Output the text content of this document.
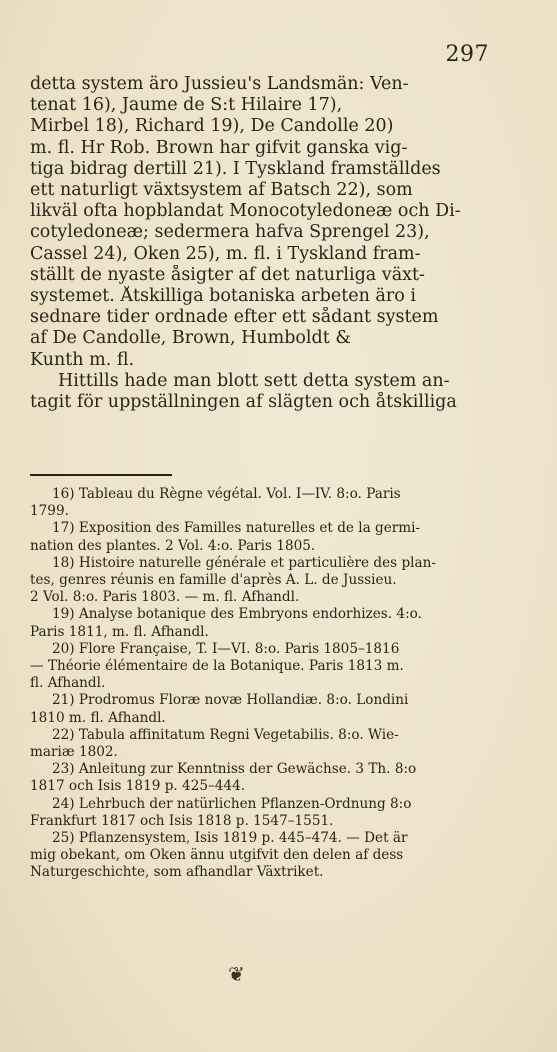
297
detta system äro Jussieu's Landsmän: Ven-
tenat 16), Jaume de S:t Hilaire 17),
Mirbel 18), Richard 19), De Candolle 20)
m. fl. Hr Rob. Brown har gifvit ganska vig-
tiga bidrag dertill 21). I Tyskland framställdes
ett naturligt växtsystem af Batsch 22), som
likväl ofta hopblandat Monocotyledoneæ och Di-
cotyledoneæ; sedermera hafva Sprengel 23),
Cassel 24), Oken 25), m. fl. i Tyskland fram-
ställt de nyaste åsigter af det naturliga växt-
systemet. Åtskilliga botaniska arbeten äro i
sednare tider ordnade efter ett sådant system
af De Candolle, Brown, Humboldt &
Kunth m. fl.
Hittills hade man blott sett detta system an-
tagit för uppställningen af slägten och åtskilliga
16) Tableau du Règne végétal. Vol. I—IV. 8:o. Paris
1799.
17) Exposition des Familles naturelles et de la germi-
nation des plantes. 2 Vol. 4:o. Paris 1805.
18) Histoire naturelle générale et particulière des plan-
tes, genres réunis en famille d'après A. L. de Jussieu.
2 Vol. 8:o. Paris 1803. — m. fl. Afhandl.
19) Analyse botanique des Embryons endorhizes. 4:o.
Paris 1811, m. fl. Afhandl.
20) Flore Française, T. I—VI. 8:o. Paris 1805–1816
— Théorie élémentaire de la Botanique. Paris 1813 m.
fl. Afhandl.
21) Prodromus Floræ novæ Hollandiæ. 8:o. Londini
1810 m. fl. Afhandl.
22) Tabula affinitatum Regni Vegetabilis. 8:o. Wie-
mariæ 1802.
23) Anleitung zur Kenntniss der Gewächse. 3 Th. 8:o
1817 och Isis 1819 p. 425–444.
24) Lehrbuch der natürlichen Pflanzen-Ordnung 8:o
Frankfurt 1817 och Isis 1818 p. 1547–1551.
25) Pflanzensystem, Isis 1819 p. 445–474. — Det är
mig obekant, om Oken ännu utgifvit den delen af dess
Naturgeschichte, som afhandlar Växtriket.
❦
